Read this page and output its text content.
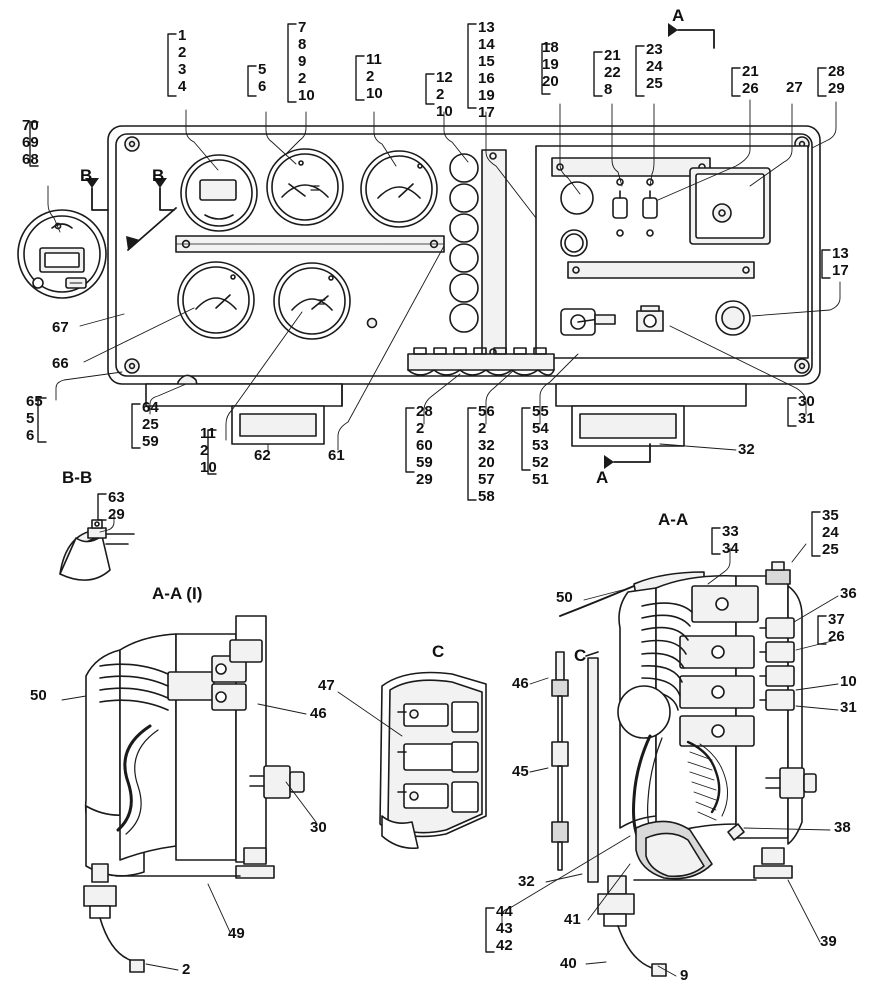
1
2
3
4
5
6
7
8
9
2
10
11
2
10
12
2
10
13
14
15
16
19
17
18
19
20
21
22
8
23
24
25
21
26 27
28
29
70
69
68
67
66
65
5
6
64
25
59	11
2
10
62	61
28
2
60
59
29
56
2
32
20
57
58
55
54
53
52
51
13
17
30
31
32
B-B
63
29
A
A
B	B
A-A (I)
50
46
30
49
2
C
47	46
45
32
C
A-A
33
34
35
24
25
36
37
26
10
31
38
39
50
44
43
42
41
40
9
